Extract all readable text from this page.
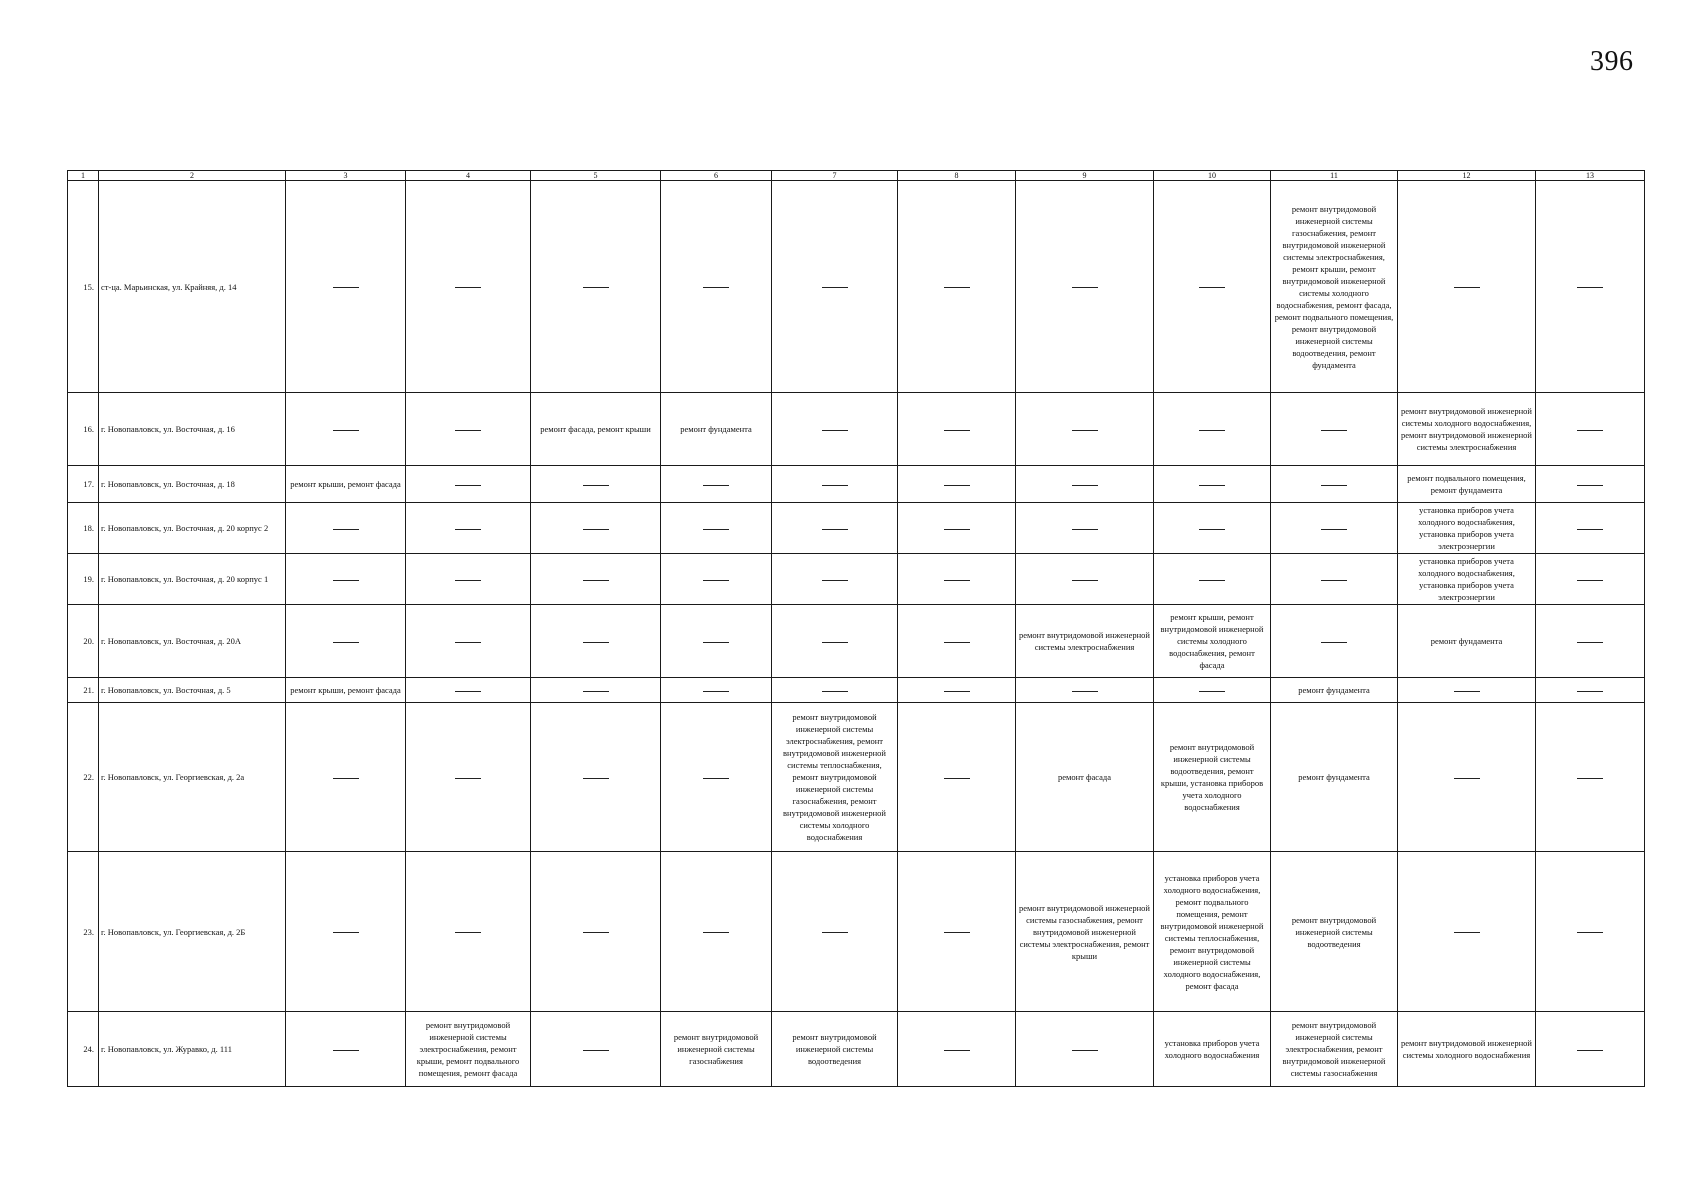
396
1	2	3	4	5	6	7	8	9	10	11	12	13
15.	ст-ца. Марьинская, ул. Крайняя, д. 14									ремонт внутридомовой инженерной системы газоснабжения, ремонт внутридомовой инженерной системы электроснабжения, ремонт крыши, ремонт внутридомовой инженерной системы холодного водоснабжения, ремонт фасада, ремонт подвального помещения, ремонт внутридомовой инженерной системы водоотведения, ремонт фундамента		
16.	г. Новопавловск, ул. Восточная, д. 16			ремонт фасада, ремонт крыши	ремонт фундамента						ремонт внутридомовой инженерной системы холодного водоснабжения, ремонт внутридомовой инженерной системы электроснабжения	
17.	г. Новопавловск, ул. Восточная, д. 18	ремонт крыши, ремонт фасада									ремонт подвального помещения, ремонт фундамента	
18.	г. Новопавловск, ул. Восточная, д. 20 корпус 2										установка приборов учета холодного водоснабжения, установка приборов учета электроэнергии	
19.	г. Новопавловск, ул. Восточная, д. 20 корпус 1										установка приборов учета холодного водоснабжения, установка приборов учета электроэнергии	
20.	г. Новопавловск, ул. Восточная, д. 20А							ремонт внутридомовой инженерной системы электроснабжения	ремонт крыши, ремонт внутридомовой инженерной системы холодного водоснабжения, ремонт фасада		ремонт фундамента	
21.	г. Новопавловск, ул. Восточная, д. 5	ремонт крыши, ремонт фасада								ремонт фундамента		
22.	г. Новопавловск, ул. Георгиевская, д. 2а					ремонт внутридомовой инженерной системы электроснабжения, ремонт внутридомовой инженерной системы теплоснабжения, ремонт внутридомовой инженерной системы газоснабжения, ремонт внутридомовой инженерной системы холодного водоснабжения		ремонт фасада	ремонт внутридомовой инженерной системы водоотведения, ремонт крыши, установка приборов учета холодного водоснабжения	ремонт фундамента		
23.	г. Новопавловск, ул. Георгиевская, д. 2Б							ремонт внутридомовой инженерной системы газоснабжения, ремонт внутридомовой инженерной системы электроснабжения, ремонт крыши	установка приборов учета холодного водоснабжения, ремонт подвального помещения, ремонт внутридомовой инженерной системы теплоснабжения, ремонт внутридомовой инженерной системы холодного водоснабжения, ремонт фасада	ремонт внутридомовой инженерной системы водоотведения		
24.	г. Новопавловск, ул. Журавко, д. 111		ремонт внутридомовой инженерной системы электроснабжения, ремонт крыши, ремонт подвального помещения, ремонт фасада		ремонт внутридомовой инженерной системы газоснабжения	ремонт внутридомовой инженерной системы водоотведения			установка приборов учета холодного водоснабжения	ремонт внутридомовой инженерной системы электроснабжения, ремонт внутридомовой инженерной системы газоснабжения	ремонт внутридомовой инженерной системы холодного водоснабжения	
